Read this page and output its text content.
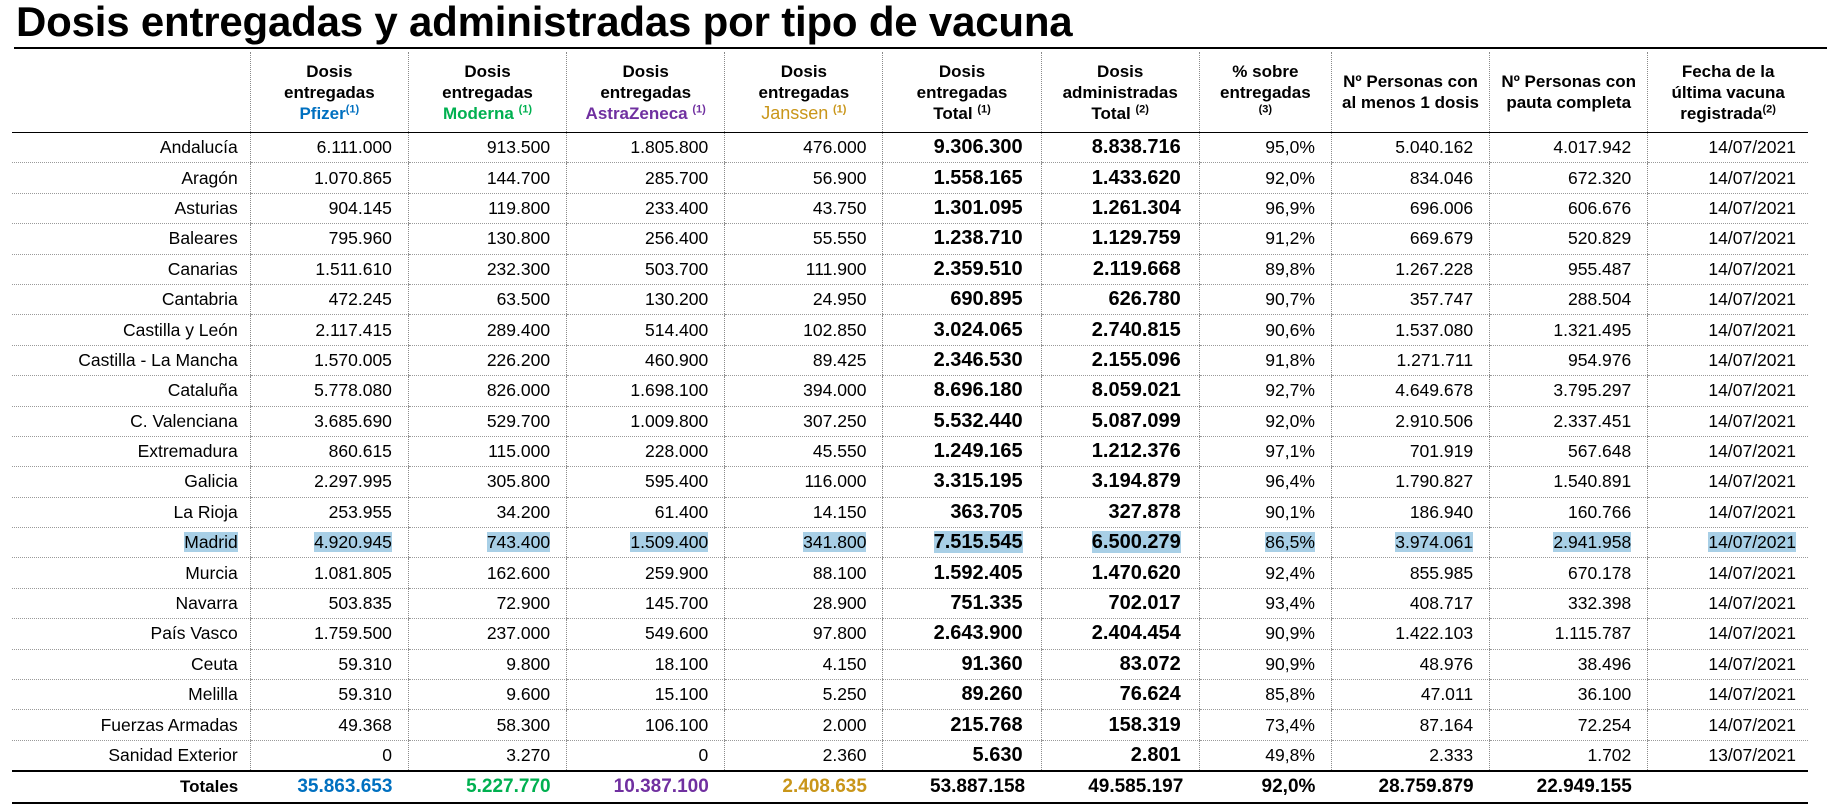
Dosis entregadas y administradas por tipo de vacuna
	Dosis
entregadas
Pfizer$^{(1)}$	Dosis
entregadas
Moderna $^{(1)}$	Dosis
entregadas
AstraZeneca $^{(1)}$	Dosis
entregadas
Janssen $^{(1)}$	Dosis
entregadas
Total $^{(1)}$	Dosis
administradas
Total $^{(2)}$	% sobre
entregadas
$^{(3)}$	Nº Personas con
al menos 1 dosis	Nº Personas con
pauta completa	Fecha de la
última vacuna
registrada$^{(2)}$
Andalucía	6.111.000	913.500	1.805.800	476.000	9.306.300	8.838.716	95,0%	5.040.162	4.017.942	14/07/2021
Aragón	1.070.865	144.700	285.700	56.900	1.558.165	1.433.620	92,0%	834.046	672.320	14/07/2021
Asturias	904.145	119.800	233.400	43.750	1.301.095	1.261.304	96,9%	696.006	606.676	14/07/2021
Baleares	795.960	130.800	256.400	55.550	1.238.710	1.129.759	91,2%	669.679	520.829	14/07/2021
Canarias	1.511.610	232.300	503.700	111.900	2.359.510	2.119.668	89,8%	1.267.228	955.487	14/07/2021
Cantabria	472.245	63.500	130.200	24.950	690.895	626.780	90,7%	357.747	288.504	14/07/2021
Castilla y León	2.117.415	289.400	514.400	102.850	3.024.065	2.740.815	90,6%	1.537.080	1.321.495	14/07/2021
Castilla - La Mancha	1.570.005	226.200	460.900	89.425	2.346.530	2.155.096	91,8%	1.271.711	954.976	14/07/2021
Cataluña	5.778.080	826.000	1.698.100	394.000	8.696.180	8.059.021	92,7%	4.649.678	3.795.297	14/07/2021
C. Valenciana	3.685.690	529.700	1.009.800	307.250	5.532.440	5.087.099	92,0%	2.910.506	2.337.451	14/07/2021
Extremadura	860.615	115.000	228.000	45.550	1.249.165	1.212.376	97,1%	701.919	567.648	14/07/2021
Galicia	2.297.995	305.800	595.400	116.000	3.315.195	3.194.879	96,4%	1.790.827	1.540.891	14/07/2021
La Rioja	253.955	34.200	61.400	14.150	363.705	327.878	90,1%	186.940	160.766	14/07/2021
Madrid	4.920.945	743.400	1.509.400	341.800	7.515.545	6.500.279	86,5%	3.974.061	2.941.958	14/07/2021
Murcia	1.081.805	162.600	259.900	88.100	1.592.405	1.470.620	92,4%	855.985	670.178	14/07/2021
Navarra	503.835	72.900	145.700	28.900	751.335	702.017	93,4%	408.717	332.398	14/07/2021
País Vasco	1.759.500	237.000	549.600	97.800	2.643.900	2.404.454	90,9%	1.422.103	1.115.787	14/07/2021
Ceuta	59.310	9.800	18.100	4.150	91.360	83.072	90,9%	48.976	38.496	14/07/2021
Melilla	59.310	9.600	15.100	5.250	89.260	76.624	85,8%	47.011	36.100	14/07/2021
Fuerzas Armadas	49.368	58.300	106.100	2.000	215.768	158.319	73,4%	87.164	72.254	14/07/2021
Sanidad Exterior	0	3.270	0	2.360	5.630	2.801	49,8%	2.333	1.702	13/07/2021
Totales	35.863.653	5.227.770	10.387.100	2.408.635	53.887.158	49.585.197	92,0%	28.759.879	22.949.155	
